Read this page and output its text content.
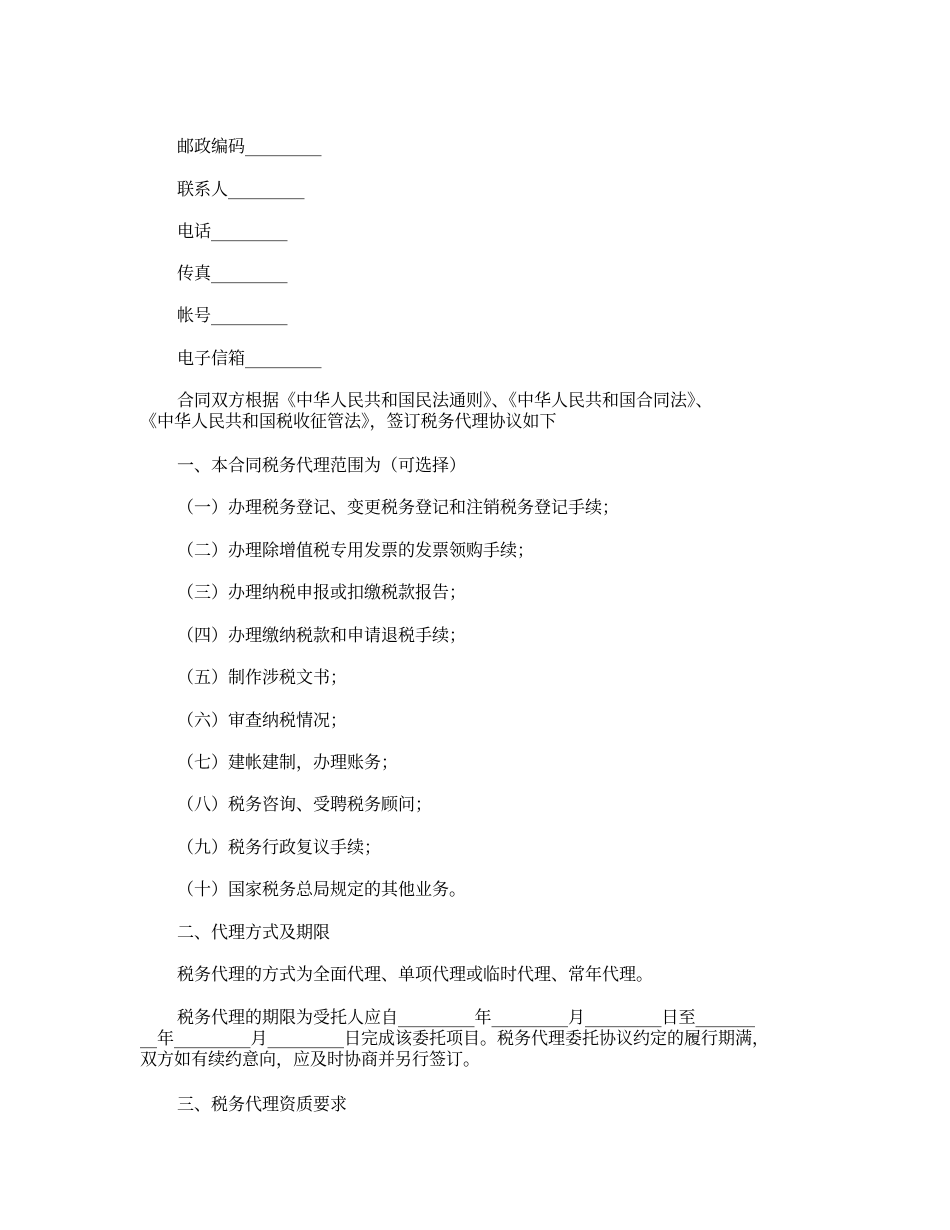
邮政编码_________
联系人_________
电话_________
传真_________
帐号_________
电子信箱_________
合同双方根据《中华人民共和国民法通则》、《中华人民共和国合同法》、
《中华人民共和国税收征管法》，签订税务代理协议如下
一、本合同税务代理范围为（可选择）
（一）办理税务登记、变更税务登记和注销税务登记手续；
（二）办理除增值税专用发票的发票领购手续；
（三）办理纳税申报或扣缴税款报告；
（四）办理缴纳税款和申请退税手续；
（五）制作涉税文书；
（六）审查纳税情况；
（七）建帐建制，办理账务；
（八）税务咨询、受聘税务顾问；
（九）税务行政复议手续；
（十）国家税务总局规定的其他业务。
二、代理方式及期限
税务代理的方式为全面代理、单项代理或临时代理、常年代理。
税务代理的期限为受托人应自_________年_________月_________日至_______
__年_________月_________日完成该委托项目。税务代理委托协议约定的履行期满，
双方如有续约意向，应及时协商并另行签订。
三、税务代理资质要求
